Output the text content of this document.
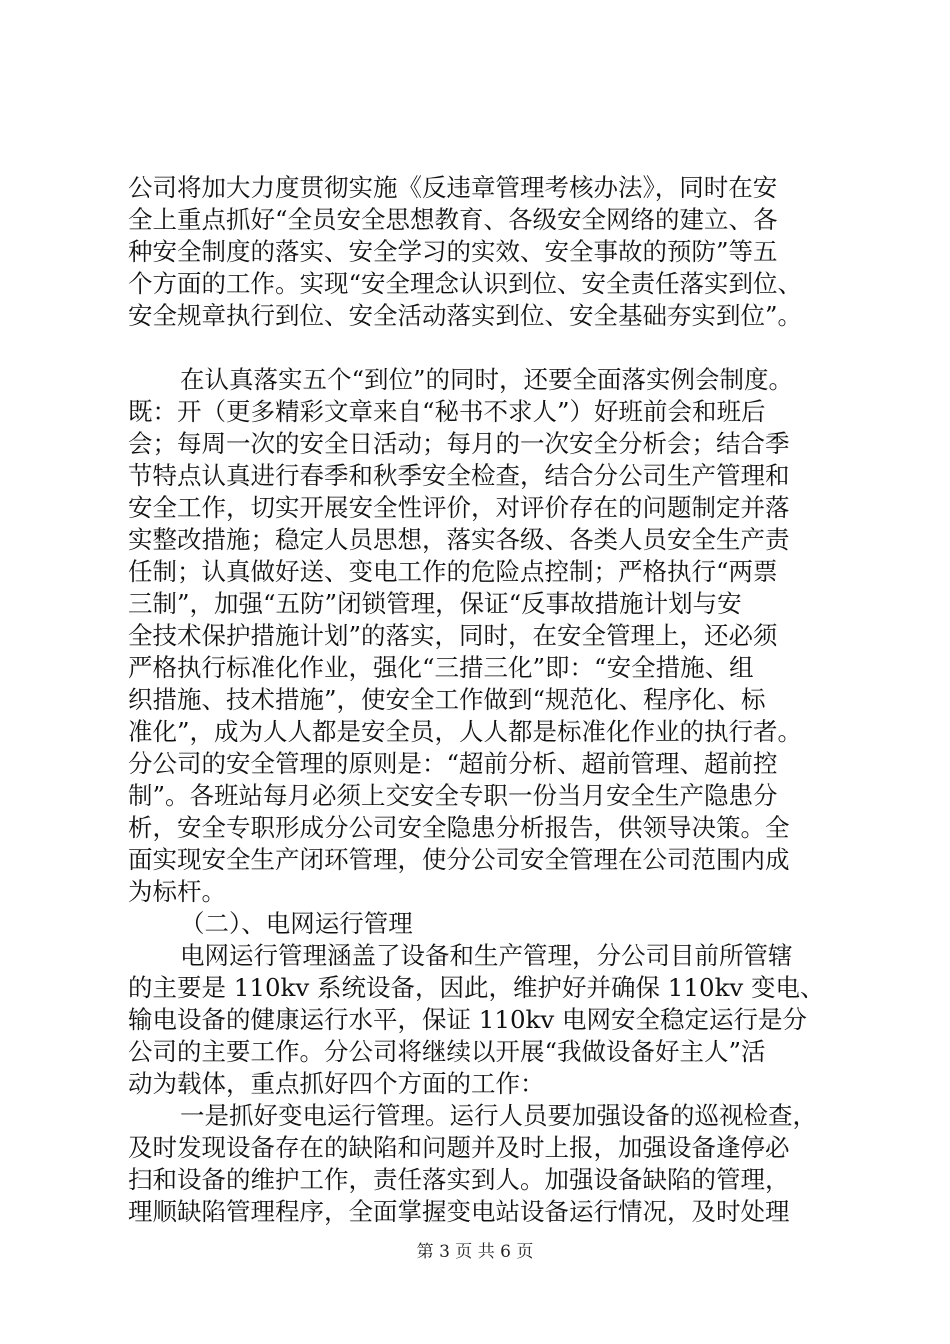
公司将加大力度贯彻实施《反违章管理考核办法》，同时在安
全上重点抓好“全员安全思想教育、各级安全网络的建立、各
种安全制度的落实、安全学习的实效、安全事故的预防”等五
个方面的工作。实现“安全理念认识到位、安全责任落实到位、
安全规章执行到位、安全活动落实到位、安全基础夯实到位”。
在认真落实五个“到位”的同时，还要全面落实例会制度。
既：开（更多精彩文章来自“秘书不求人”）好班前会和班后
会；每周一次的安全日活动；每月的一次安全分析会；结合季
节特点认真进行春季和秋季安全检查，结合分公司生产管理和
安全工作，切实开展安全性评价，对评价存在的问题制定并落
实整改措施；稳定人员思想，落实各级、各类人员安全生产责
任制；认真做好送、变电工作的危险点控制；严格执行“两票
三制”，加强“五防”闭锁管理，保证“反事故措施计划与安
全技术保护措施计划”的落实，同时，在安全管理上，还必须
严格执行标准化作业，强化“三措三化”即：“安全措施、组
织措施、技术措施”，使安全工作做到“规范化、程序化、标
准化”，成为人人都是安全员，人人都是标准化作业的执行者。
分公司的安全管理的原则是：“超前分析、超前管理、超前控
制”。各班站每月必须上交安全专职一份当月安全生产隐患分
析，安全专职形成分公司安全隐患分析报告，供领导决策。全
面实现安全生产闭环管理，使分公司安全管理在公司范围内成
为标杆。
（二）、电网运行管理
电网运行管理涵盖了设备和生产管理，分公司目前所管辖
的主要是 110kv 系统设备，因此，维护好并确保 110kv 变电、
输电设备的健康运行水平，保证 110kv 电网安全稳定运行是分
公司的主要工作。分公司将继续以开展“我做设备好主人”活
动为载体，重点抓好四个方面的工作：
一是抓好变电运行管理。运行人员要加强设备的巡视检查，
及时发现设备存在的缺陷和问题并及时上报，加强设备逢停必
扫和设备的维护工作，责任落实到人。加强设备缺陷的管理，
理顺缺陷管理程序，全面掌握变电站设备运行情况，及时处理
第 3 页 共 6 页
